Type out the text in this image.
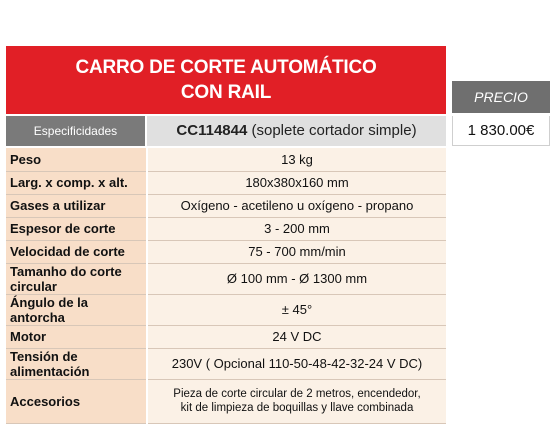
CARRO DE CORTE AUTOMÁTICO
CON RAIL	PRECIO
Especificidades	CC114844 (soplete cortador simple)	1 830.00€
Peso	13 kg
Larg. x comp. x alt.	180x380x160 mm
Gases a utilizar	Oxígeno - acetileno u oxígeno - propano
Espesor de corte	3 - 200 mm
Velocidad de corte	75 - 700 mm/min
Tamanho do corte circular	Ø 100 mm - Ø 1300 mm
Ángulo de la antorcha	± 45°
Motor	24 V DC
Tensión de alimentación	230V ( Opcional 110-50-48-42-32-24 V DC)
Accesorios	Pieza de corte circular de 2 metros, encendedor,
kit de limpieza de boquillas y llave combinada
